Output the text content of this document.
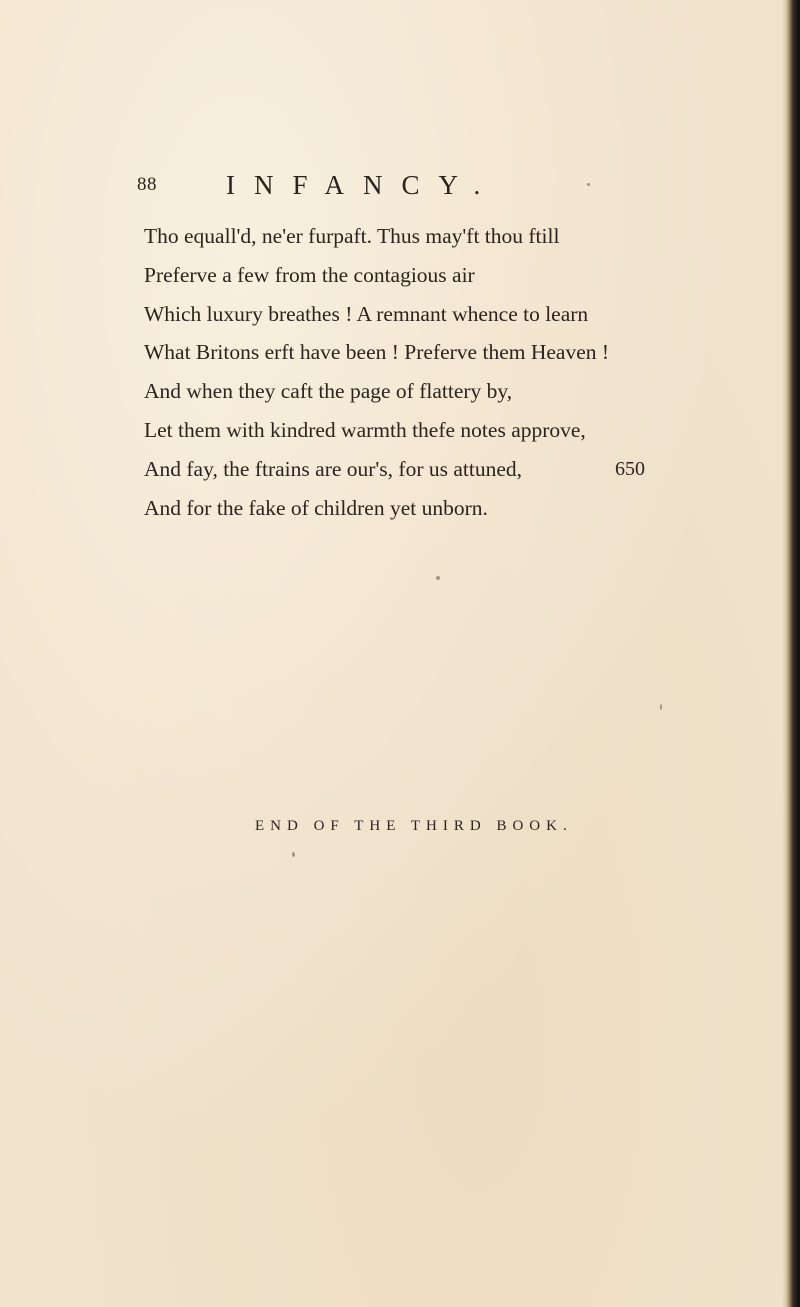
88	INFANCY.
Tho equall'd, ne'er furpaft. Thus may'ft thou ftill
Preferve a few from the contagious air
Which luxury breathes ! A remnant whence to learn
What Britons erft have been ! Preferve them Heaven !
And when they caft the page of flattery by,
Let them with kindred warmth thefe notes approve,
And fay, the ftrains are our's, for us attuned,	650
And for the fake of children yet unborn.
END OF THE THIRD BOOK.
